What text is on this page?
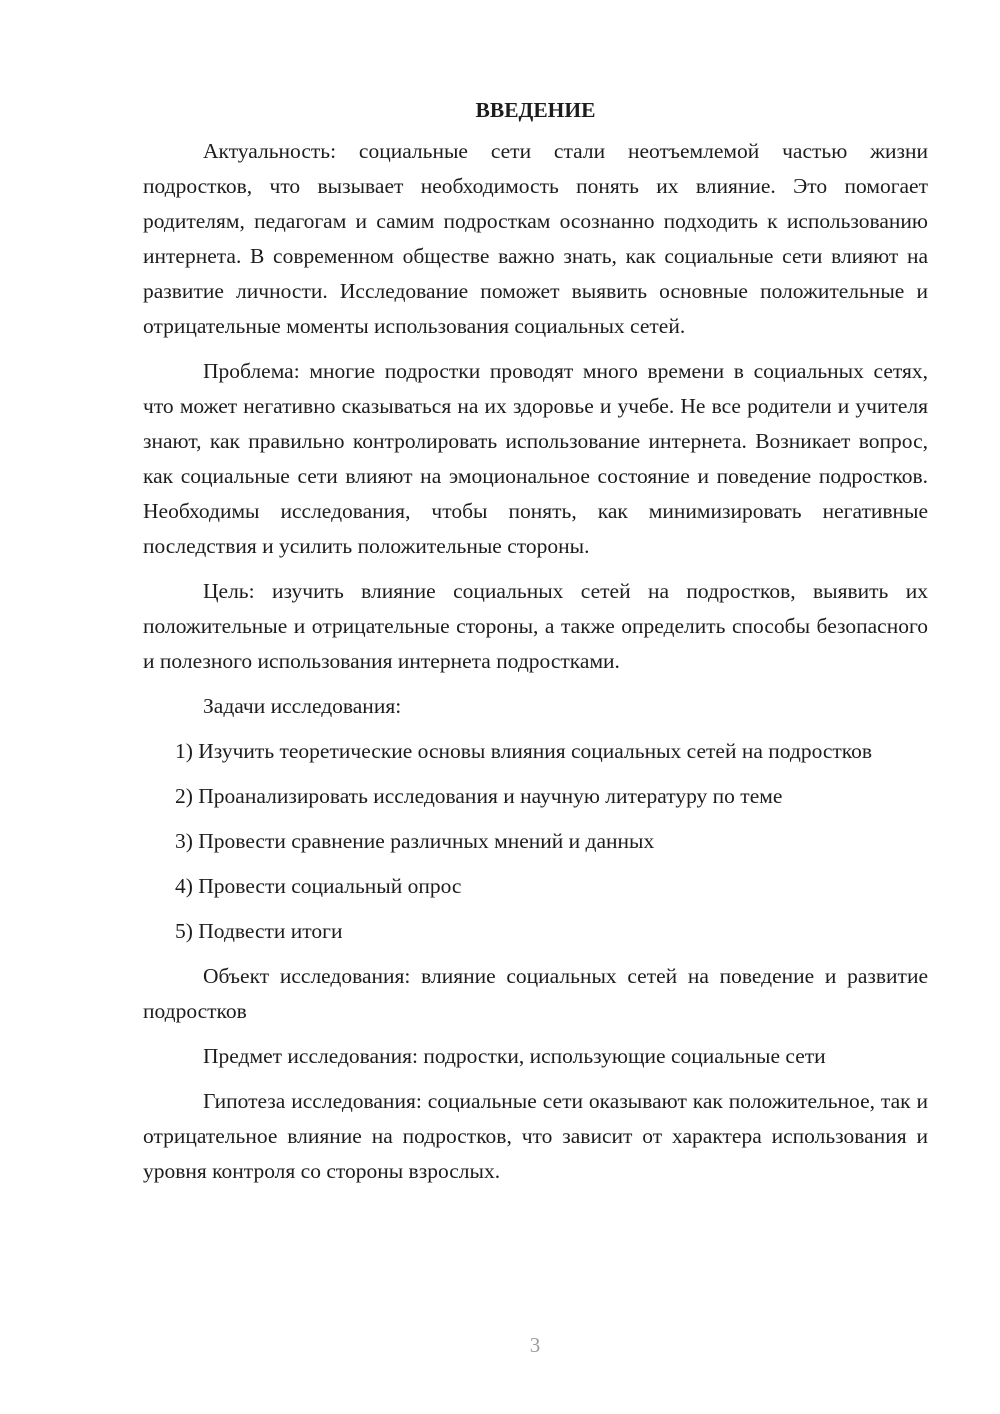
ВВЕДЕНИЕ

Актуальность: социальные сети стали неотъемлемой частью жизни подростков, что вызывает необходимость понять их влияние. Это помогает родителям, педагогам и самим подросткам осознанно подходить к использованию интернета. В современном обществе важно знать, как социальные сети влияют на развитие личности. Исследование поможет выявить основные положительные и отрицательные моменты использования социальных сетей.

Проблема: многие подростки проводят много времени в социальных сетях, что может негативно сказываться на их здоровье и учебе. Не все родители и учителя знают, как правильно контролировать использование интернета. Возникает вопрос, как социальные сети влияют на эмоциональное состояние и поведение подростков. Необходимы исследования, чтобы понять, как минимизировать негативные последствия и усилить положительные стороны.

Цель: изучить влияние социальных сетей на подростков, выявить их положительные и отрицательные стороны, а также определить способы безопасного и полезного использования интернета подростками.

Задачи исследования:

1) Изучить теоретические основы влияния социальных сетей на подростков

2) Проанализировать исследования и научную литературу по теме

3) Провести сравнение различных мнений и данных

4) Провести социальный опрос

5) Подвести итоги

Объект исследования: влияние социальных сетей на поведение и развитие подростков

Предмет исследования: подростки, использующие социальные сети

Гипотеза исследования: социальные сети оказывают как положительное, так и отрицательное влияние на подростков, что зависит от характера использования и уровня контроля со стороны взрослых.

3
